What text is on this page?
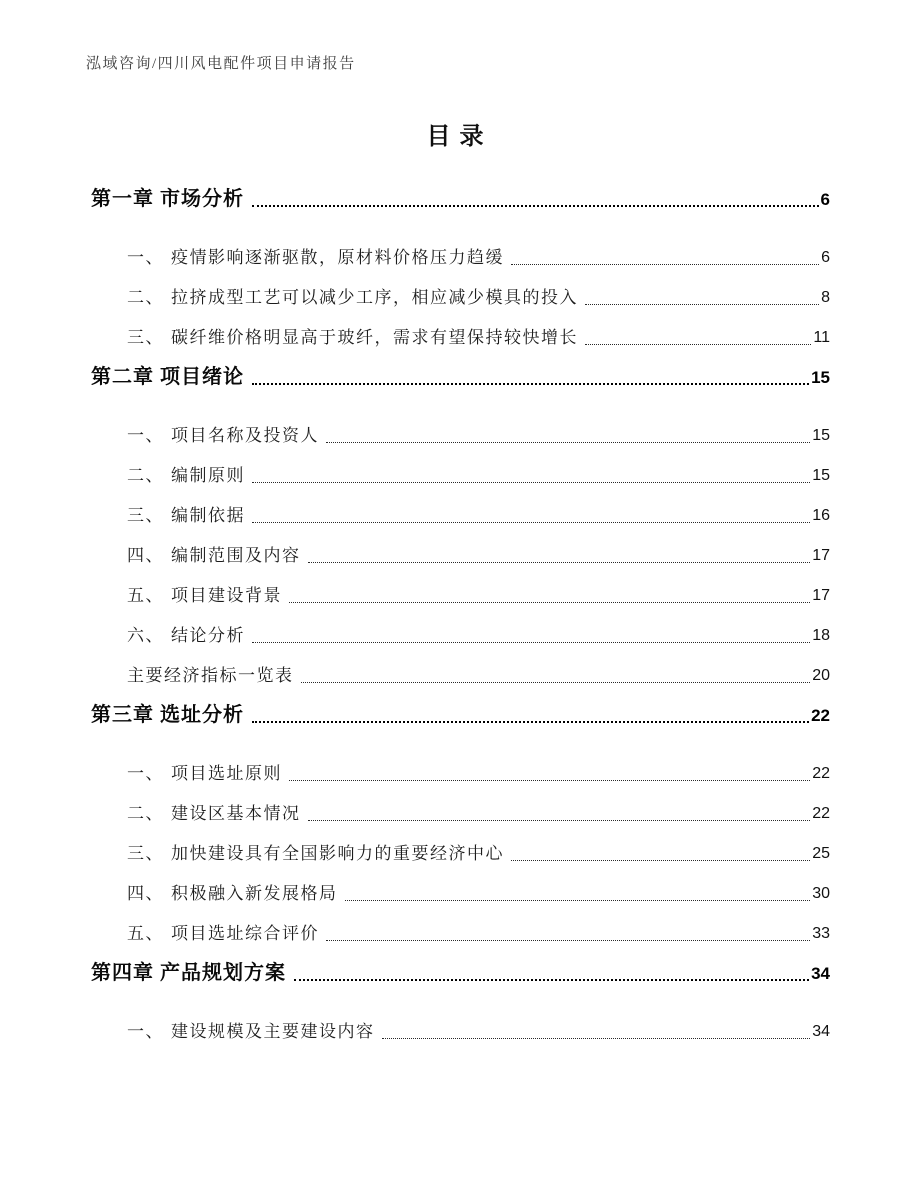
泓域咨询/四川风电配件项目申请报告
目录
第一章 市场分析	6
一、 疫情影响逐渐驱散，原材料价格压力趋缓	6
二、 拉挤成型工艺可以减少工序，相应减少模具的投入	8
三、 碳纤维价格明显高于玻纤，需求有望保持较快增长	11
第二章 项目绪论	15
一、 项目名称及投资人	15
二、 编制原则	15
三、 编制依据	16
四、 编制范围及内容	17
五、 项目建设背景	17
六、 结论分析	18
主要经济指标一览表	20
第三章 选址分析	22
一、 项目选址原则	22
二、 建设区基本情况	22
三、 加快建设具有全国影响力的重要经济中心	25
四、 积极融入新发展格局	30
五、 项目选址综合评价	33
第四章 产品规划方案	34
一、 建设规模及主要建设内容	34
